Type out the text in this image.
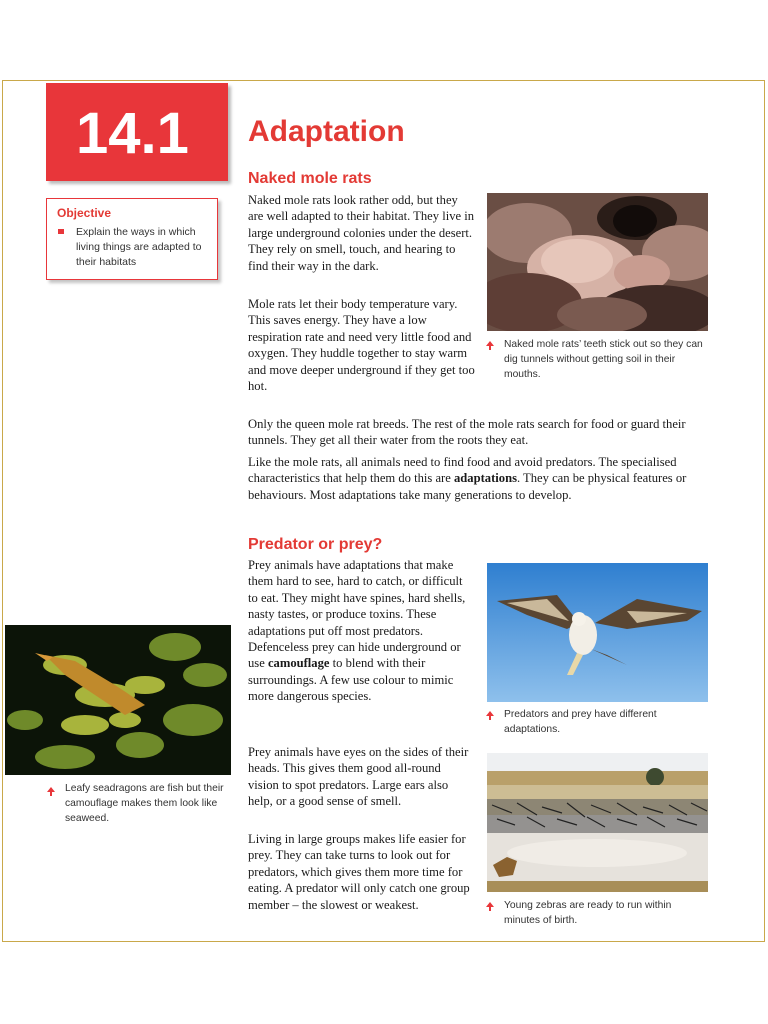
14.1 Adaptation
Objective
Explain the ways in which living things are adapted to their habitats
Naked mole rats

Naked mole rats look rather odd, but they are well adapted to their habitat. They live in large underground colonies under the desert. They rely on smell, touch, and hearing to find their way in the dark.

Mole rats let their body temperature vary. This saves energy. They have a low respiration rate and need very little food and oxygen. They huddle together to stay warm and move deeper underground if they get too hot.

Only the queen mole rat breeds. The rest of the mole rats search for food or guard their tunnels. They get all their water from the roots they eat.

Like the mole rats, all animals need to find food and avoid predators. The specialised characteristics that help them do this are adaptations. They can be physical features or behaviours. Most adaptations take many generations to develop.

Naked mole rats’ teeth stick out so they can dig tunnels without getting soil in their mouths.
Predator or prey?

Prey animals have adaptations that make them hard to see, hard to catch, or difficult to eat. They might have spines, hard shells, nasty tastes, or produce toxins. These adaptations put off most predators. Defenceless prey can hide underground or use camouflage to blend with their surroundings. A few use colour to mimic more dangerous species.

Prey animals have eyes on the sides of their heads. This gives them good all-round vision to spot predators. Large ears also help, or a good sense of smell.

Living in large groups makes life easier for prey. They can take turns to look out for predators, which gives them more time for eating. A predator will only catch one group member – the slowest or weakest.

Predators and prey have different adaptations.
Young zebras are ready to run within minutes of birth.
Leafy seadragons are fish but their camouflage makes them look like seaweed.
